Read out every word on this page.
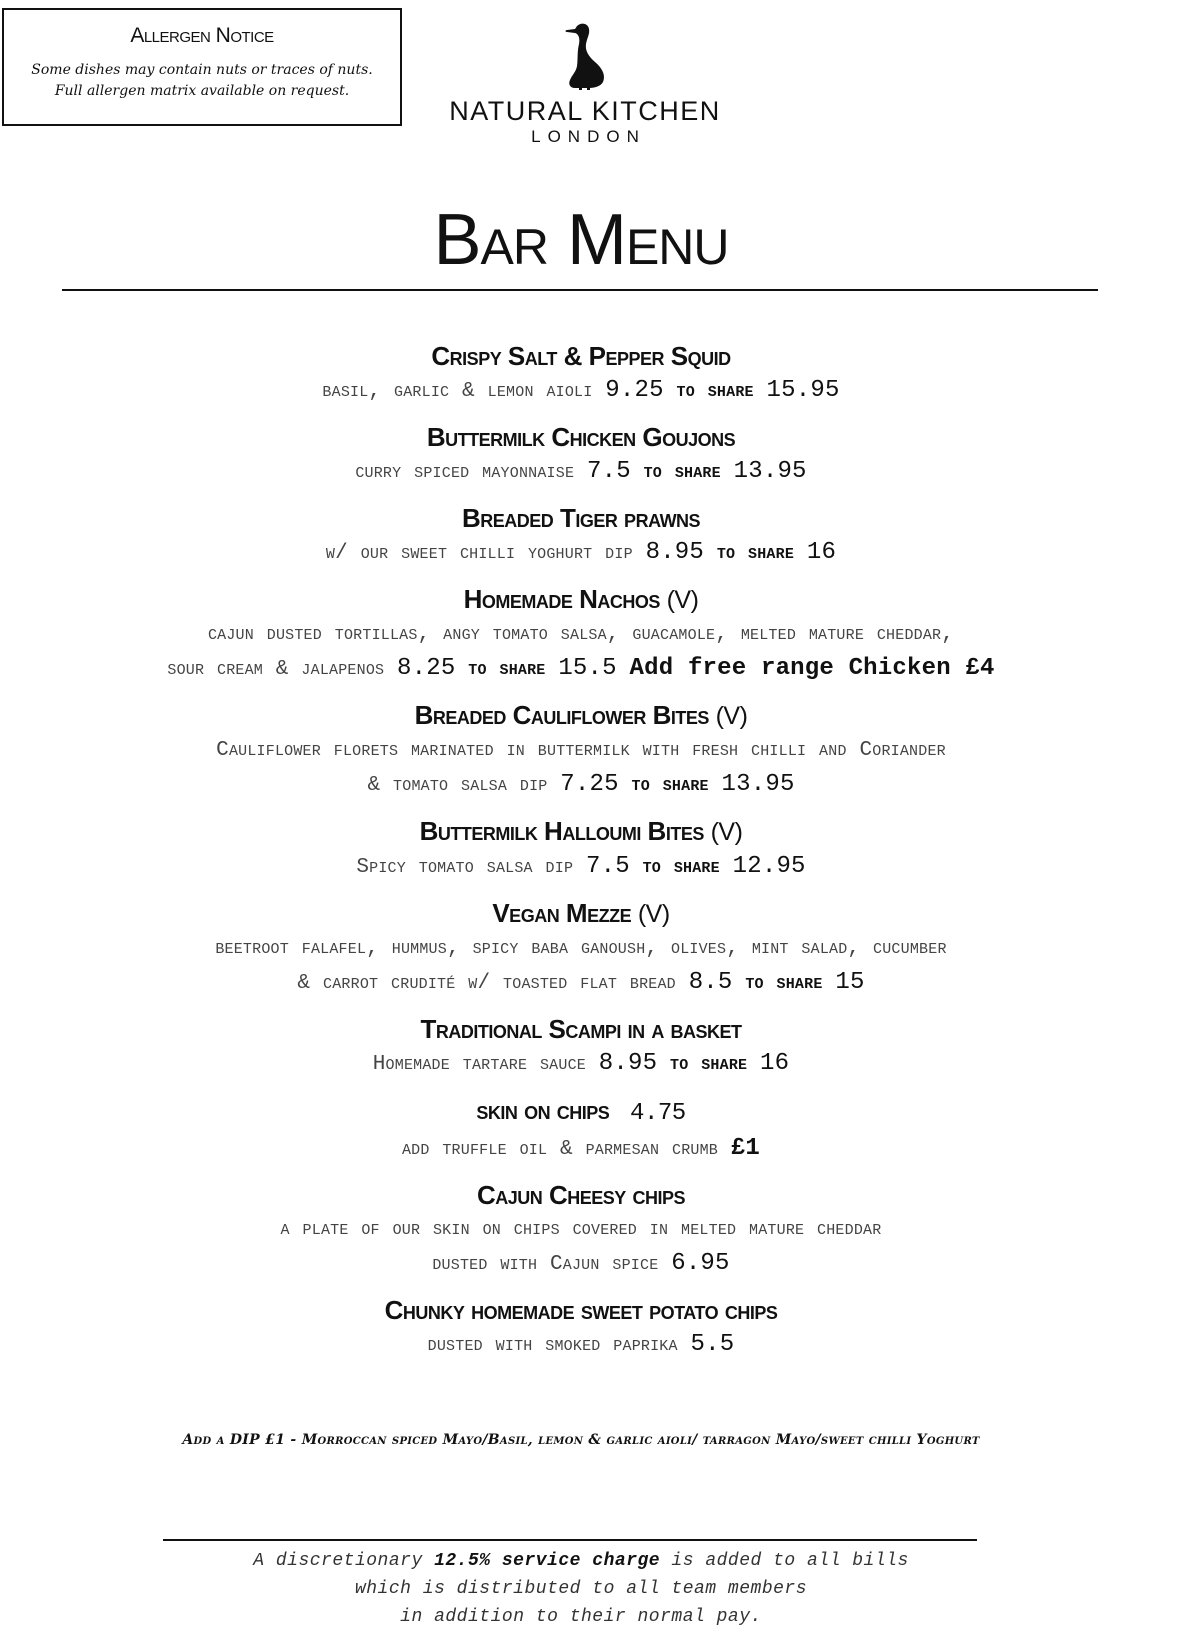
Allergen Notice
Some dishes may contain nuts or traces of nuts.
Full allergen matrix available on request.
NATURAL KITCHEN
LONDON
Bar Menu
Crispy Salt & Pepper Squid
basil, garlic & lemon aioli 9.25 to share 15.95
Buttermilk Chicken Goujons
curry spiced mayonnaise 7.5 to share 13.95
Breaded Tiger prawns
w/ our sweet chilli yoghurt dip 8.95 to share 16
Homemade Nachos (V)
cajun dusted tortillas, angy tomato salsa, guacamole, melted mature cheddar,
sour cream & jalapenos 8.25 to share 15.5 Add free range Chicken £4
Breaded Cauliflower Bites (V)
Cauliflower florets marinated in buttermilk with fresh chilli and Coriander
& tomato salsa dip 7.25 to share 13.95
Buttermilk Halloumi Bites (V)
Spicy tomato salsa dip 7.5 to share 12.95
Vegan Mezze (V)
beetroot falafel, hummus, spicy baba ganoush, olives, mint salad, cucumber
& carrot crudité w/ toasted flat bread 8.5 to share 15
Traditional Scampi in a basket
Homemade tartare sauce 8.95 to share 16
skin on chips 4.75
add truffle oil & parmesan crumb £1
Cajun Cheesy chips
a plate of our skin on chips covered in melted mature cheddar
dusted with Cajun spice 6.95
Chunky homemade sweet potato chips
dusted with smoked paprika 5.5
Add a DIP £1 - Morroccan spiced Mayo/Basil, lemon & garlic aioli/ tarragon Mayo/sweet chilli Yoghurt
A discretionary 12.5% service charge is added to all bills
which is distributed to all team members
in addition to their normal pay.
